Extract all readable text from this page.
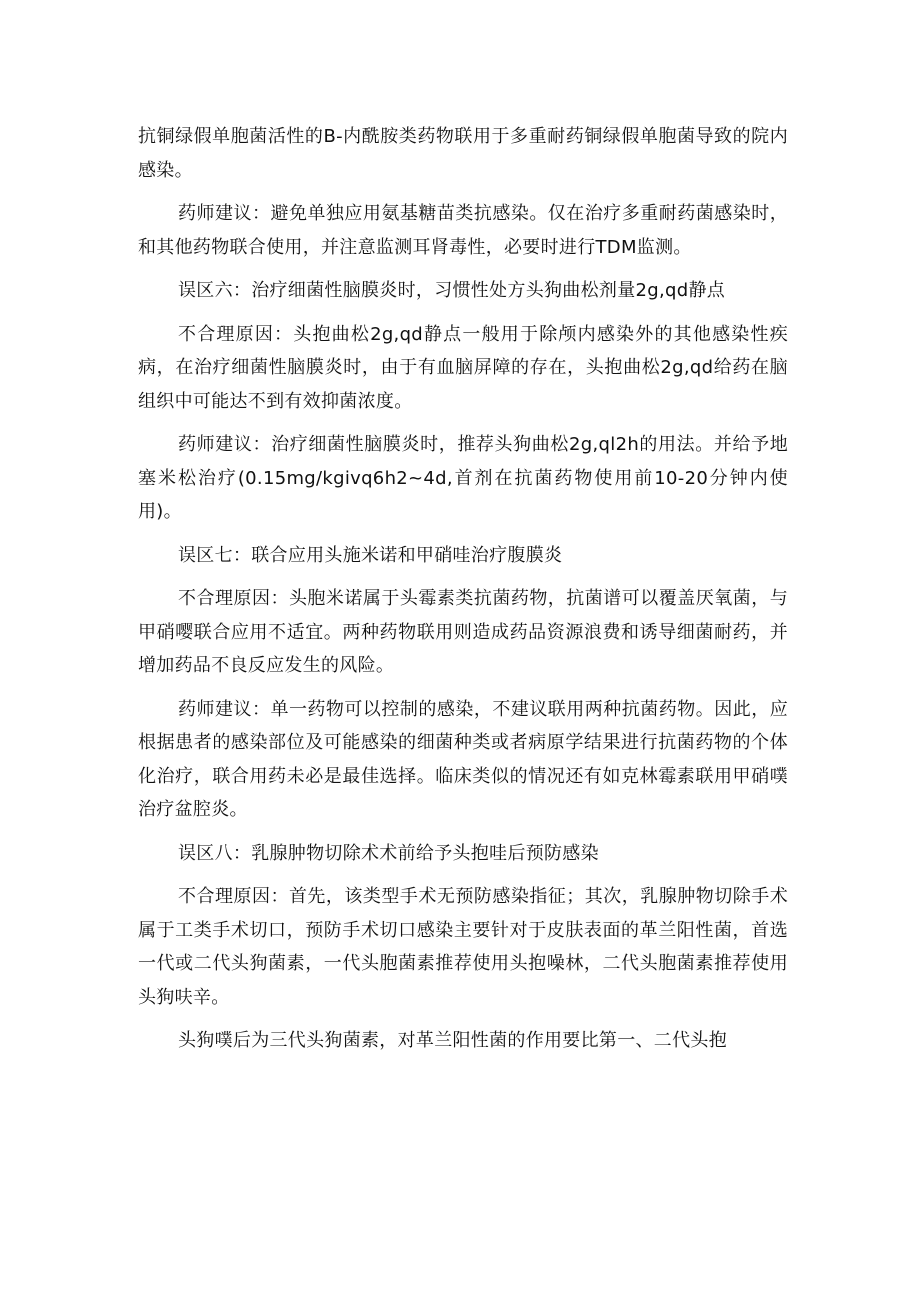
抗铜绿假单胞菌活性的B-内酰胺类药物联用于多重耐药铜绿假单胞菌导致的院内感染。

药师建议：避免单独应用氨基糖苗类抗感染。仅在治疗多重耐药菌感染时，和其他药物联合使用，并注意监测耳肾毒性，必要时进行TDM监测。

误区六：治疗细菌性脑膜炎时，习惯性处方头狗曲松剂量2g,qd静点

不合理原因：头抱曲松2g,qd静点一般用于除颅内感染外的其他感染性疾病，在治疗细菌性脑膜炎时，由于有血脑屏障的存在，头抱曲松2g,qd给药在脑组织中可能达不到有效抑菌浓度。

药师建议：治疗细菌性脑膜炎时，推荐头狗曲松2g,ql2h的用法。并给予地塞米松治疗(0.15mg/kgivq6h2~4d,首剂在抗菌药物使用前10-20分钟内使用)。

误区七：联合应用头施米诺和甲硝哇治疗腹膜炎

不合理原因：头胞米诺属于头霉素类抗菌药物，抗菌谱可以覆盖厌氧菌，与甲硝嘤联合应用不适宜。两种药物联用则造成药品资源浪费和诱导细菌耐药，并增加药品不良反应发生的风险。

药师建议：单一药物可以控制的感染，不建议联用两种抗菌药物。因此，应根据患者的感染部位及可能感染的细菌种类或者病原学结果进行抗菌药物的个体化治疗，联合用药未必是最佳选择。临床类似的情况还有如克林霉素联用甲硝噗治疗盆腔炎。

误区八：乳腺肿物切除术术前给予头抱哇后预防感染

不合理原因：首先，该类型手术无预防感染指征；其次，乳腺肿物切除手术属于工类手术切口，预防手术切口感染主要针对于皮肤表面的革兰阳性菌，首选一代或二代头狗菌素，一代头胞菌素推荐使用头抱噪林，二代头胞菌素推荐使用头狗呋辛。

头狗噗后为三代头狗菌素，对革兰阳性菌的作用要比第一、二代头抱
